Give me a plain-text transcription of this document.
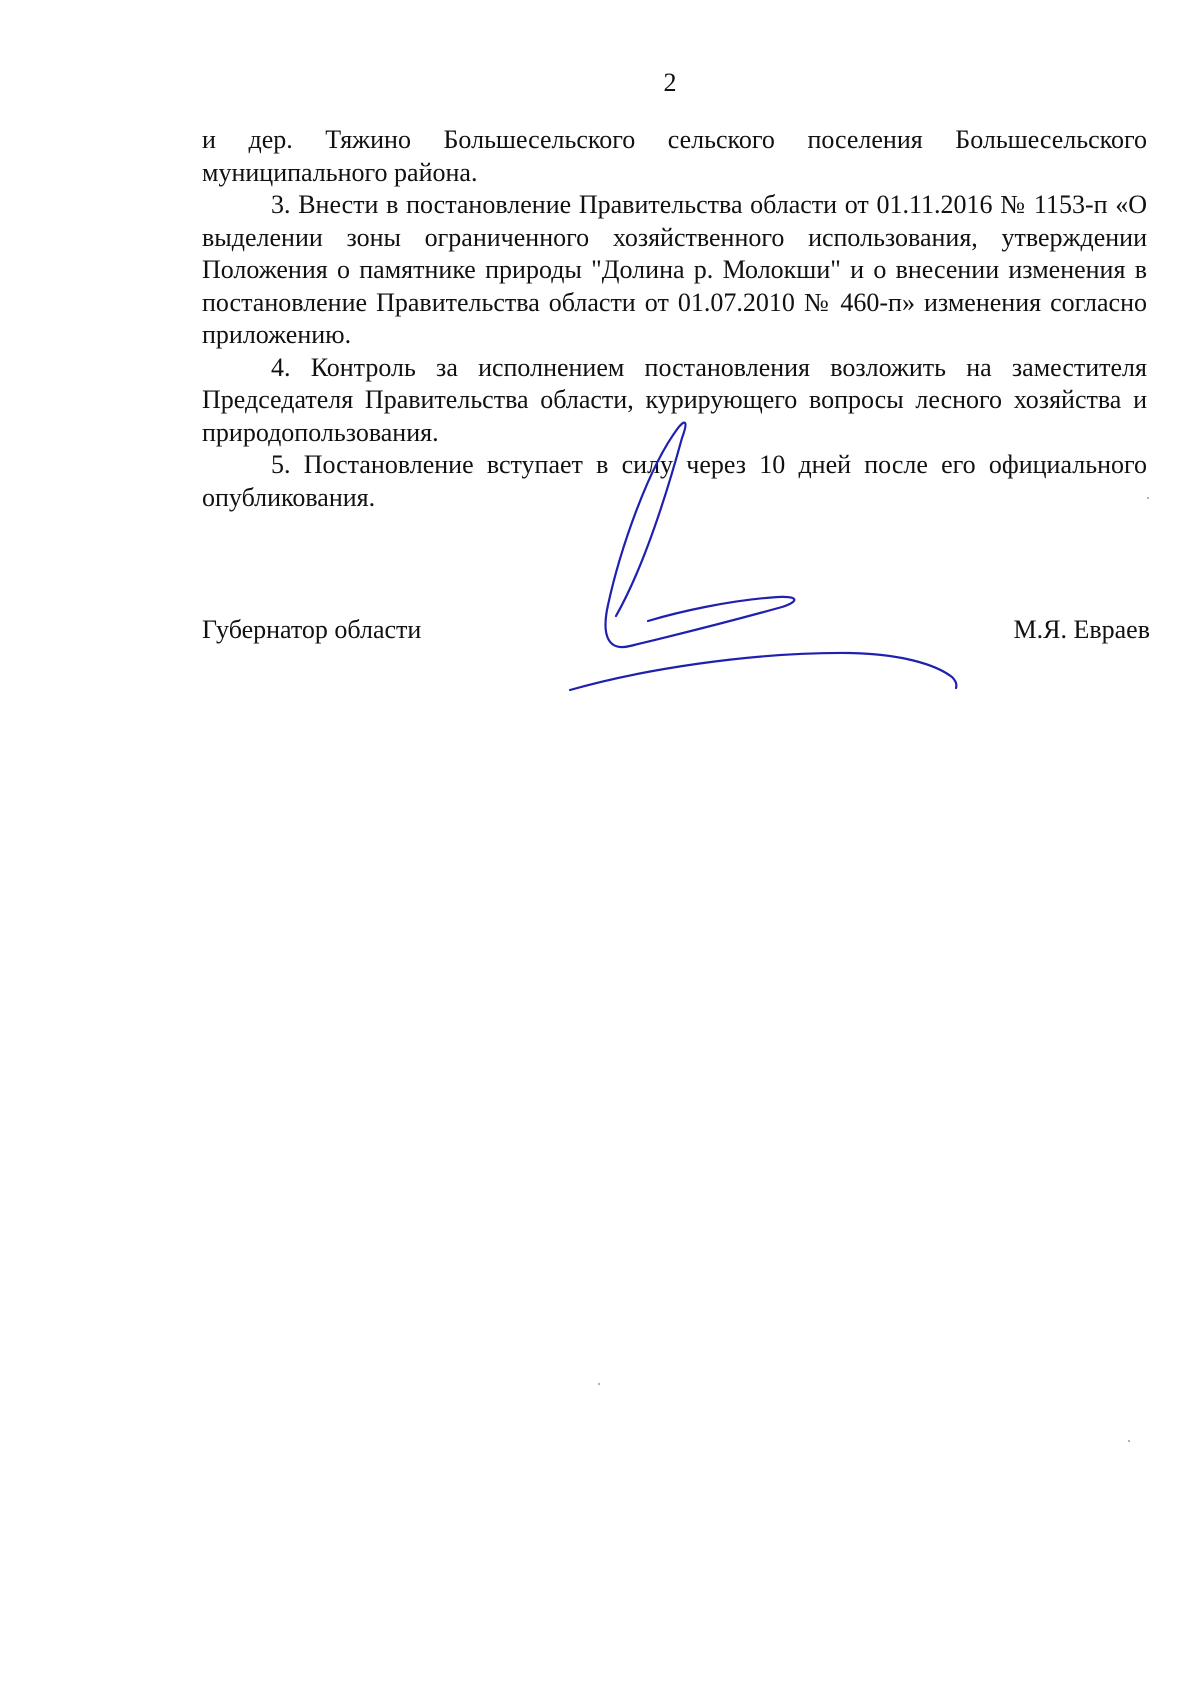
2

и дер. Тяжино Большесельского сельского поселения Большесельского муниципального района.

3. Внести в постановление Правительства области от 01.11.2016 № 1153-п «О выделении зоны ограниченного хозяйственного использования, утверждении Положения о памятнике природы "Долина р. Молокши" и о внесении изменения в постановление Правительства области от 01.07.2010 № 460-п» изменения согласно приложению.

4. Контроль за исполнением постановления возложить на заместителя Председателя Правительства области, курирующего вопросы лесного хозяйства и природопользования.

5. Постановление вступает в силу через 10 дней после его официального опубликования.

Губернатор области	М.Я. Евраев
